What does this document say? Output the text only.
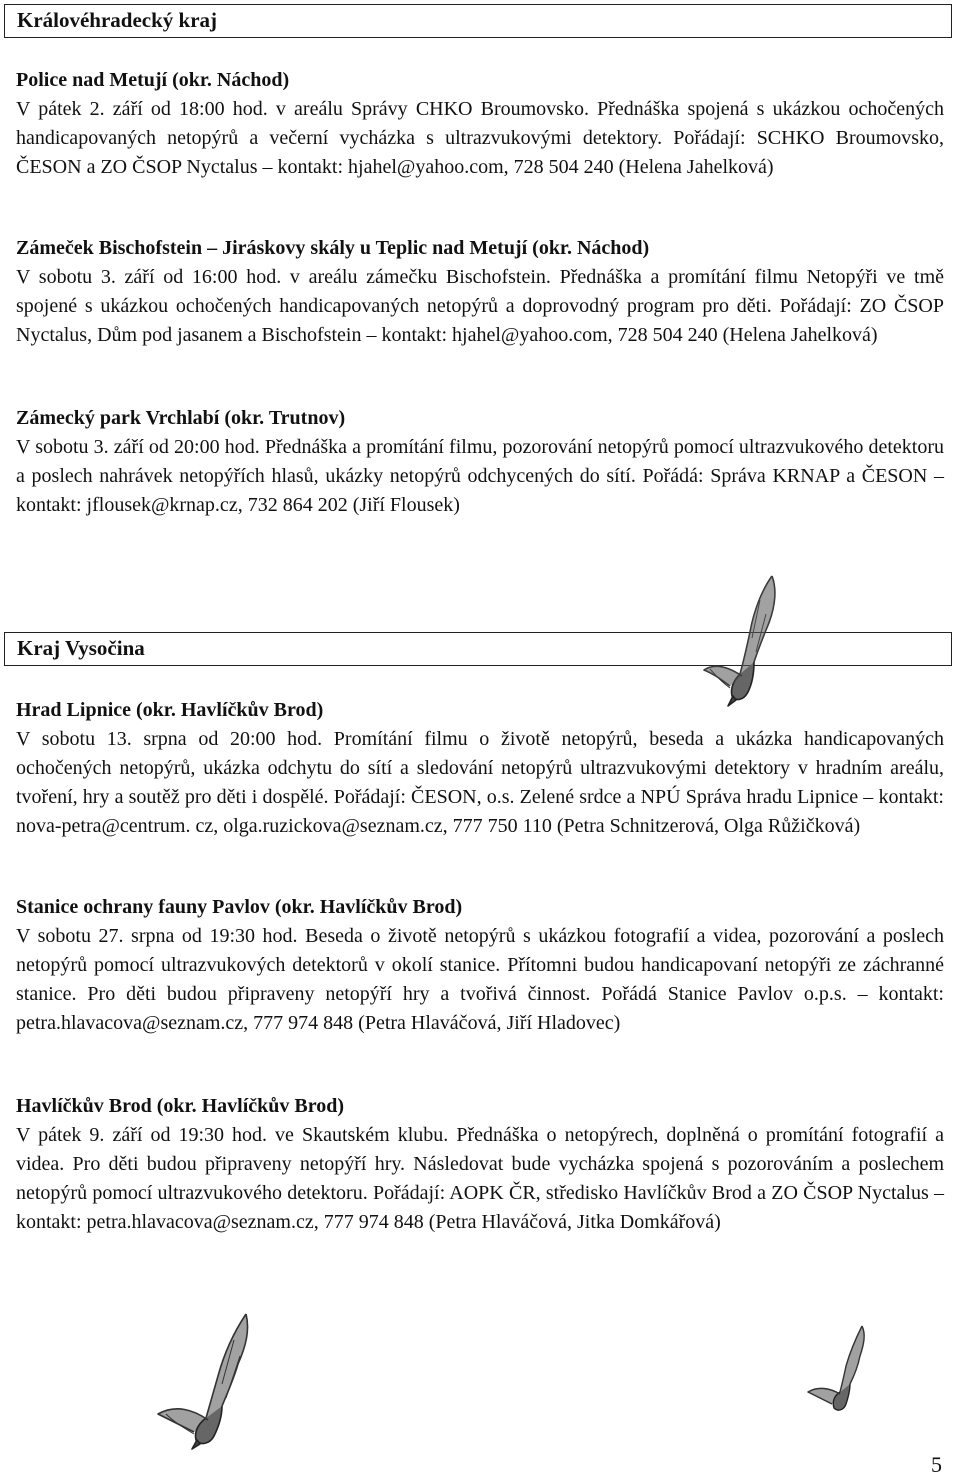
Královéhradecký kraj
Police nad Metují (okr. Náchod)
V pátek 2. září od 18:00 hod. v areálu Správy CHKO Broumovsko. Přednáška spojená s ukázkou ochočených handicapovaných netopýrů a večerní vycházka s ultrazvukovými detektory. Pořádají: SCHKO Broumovsko, ČESON a ZO ČSOP Nyctalus – kontakt: hjahel@yahoo.com, 728 504 240 (Helena Jahelková)
Zámeček Bischofstein – Jiráskovy skály u Teplic nad Metují (okr. Náchod)
V sobotu 3. září od 16:00 hod. v areálu zámečku Bischofstein. Přednáška a promítání filmu Netopýři ve tmě spojené s ukázkou ochočených handicapovaných netopýrů a doprovodný program pro děti. Pořádají: ZO ČSOP Nyctalus, Dům pod jasanem a Bischofstein – kontakt: hjahel@yahoo.com, 728 504 240 (Helena Jahelková)
Zámecký park Vrchlabí (okr. Trutnov)
V sobotu 3. září od 20:00 hod. Přednáška a promítání filmu, pozorování netopýrů pomocí ultrazvukového detektoru a poslech nahrávek netopýřích hlasů, ukázky netopýrů odchycených do sítí. Pořádá: Správa KRNAP a ČESON – kontakt: jflousek@krnap.cz, 732 864 202 (Jiří Flousek)
Kraj Vysočina
Hrad Lipnice (okr. Havlíčkův Brod)
V sobotu 13. srpna od 20:00 hod. Promítání filmu o životě netopýrů, beseda a ukázka handicapovaných ochočených netopýrů, ukázka odchytu do sítí a sledování netopýrů ultrazvukovými detektory v hradním areálu, tvoření, hry a soutěž pro děti i dospělé. Pořádají: ČESON, o.s. Zelené srdce a NPÚ Správa hradu Lipnice – kontakt: nova-petra@centrum. cz, olga.ruzickova@seznam.cz, 777 750 110 (Petra Schnitzerová, Olga Růžičková)
Stanice ochrany fauny Pavlov (okr. Havlíčkův Brod)
V sobotu 27. srpna od 19:30 hod. Beseda o životě netopýrů s ukázkou fotografií a videa, pozorování a poslech netopýrů pomocí ultrazvukových detektorů v okolí stanice. Přítomni budou handicapovaní netopýři ze záchranné stanice. Pro děti budou připraveny netopýří hry a tvořivá činnost. Pořádá Stanice Pavlov o.p.s. – kontakt: petra.hlavacova@seznam.cz, 777 974 848 (Petra Hlaváčová, Jiří Hladovec)
Havlíčkův Brod (okr. Havlíčkův Brod)
V pátek 9. září od 19:30 hod. ve Skautském klubu. Přednáška o netopýrech, doplněná o promítání fotografií a videa. Pro děti budou připraveny netopýří hry. Následovat bude vycházka spojená s pozorováním a poslechem netopýrů pomocí ultrazvukového detektoru. Pořádají: AOPK ČR, středisko Havlíčkův Brod a ZO ČSOP Nyctalus – kontakt: petra.hlavacova@seznam.cz, 777 974 848 (Petra Hlaváčová, Jitka Domkářová)
5
